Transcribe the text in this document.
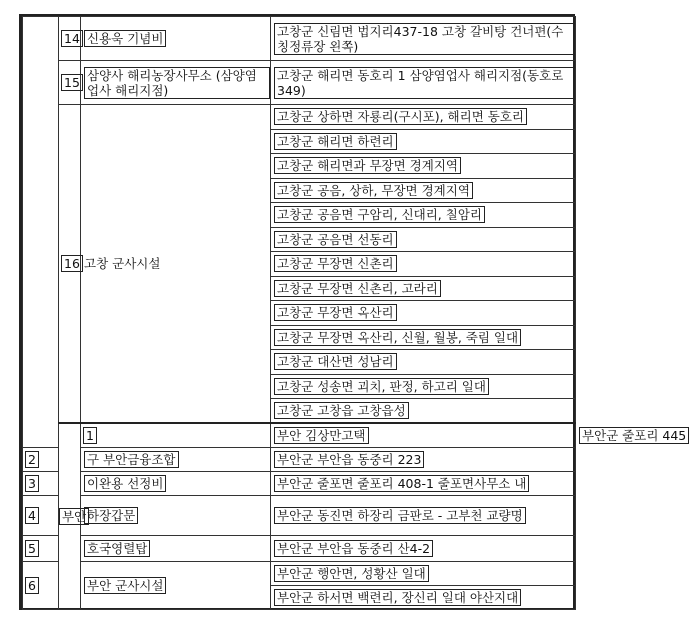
	14	신용욱 기념비	고창군 신림면 법지리437-18 고창 갈비탕 건너편(수칭정류장 왼쪽)	
	15	삼양사 해리농장사무소 (삼양염업사 해리지점)	고창군 해리면 동호리 1 삼양염업사 해리지점(동호로 349)	
	16	고창 군사시설	고창군 상하면 자룡리(구시포), 해리면 동호리	
			고창군 해리면 하련리	
			고창군 해리면과 무장면 경계지역	
			고창군 공음, 상하, 무장면 경계지역	
			고창군 공음면 구암리, 신대리, 칠암리	
			고창군 공음면 선동리	
			고창군 무장면 신촌리	
			고창군 무장면 신촌리, 고라리	
			고창군 무장면 옥산리	
			고창군 무장면 옥산리, 신월, 월봉, 죽림 일대	
			고창군 대산면 성남리	
			고창군 성송면 괴치, 판정, 하고리 일대	
			고창군 고창읍 고창읍성	
	부안	1	부안 김상만고택	부안군 줄포리 445
2		구 부안금융조합	부안군 부안읍 동중리 223	
3		이완용 선정비	부안군 줄포면 줄포리 408-1 줄포면사무소 내	
4		하장갑문	부안군 동진면 하장리 금판로 - 고부천 교량명	
5		호국영렬탑	부안군 부안읍 동중리 산4-2	
6		부안 군사시설	부안군 행안면, 성황산 일대	
			부안군 하서면 백련리, 장신리 일대 야산지대	
